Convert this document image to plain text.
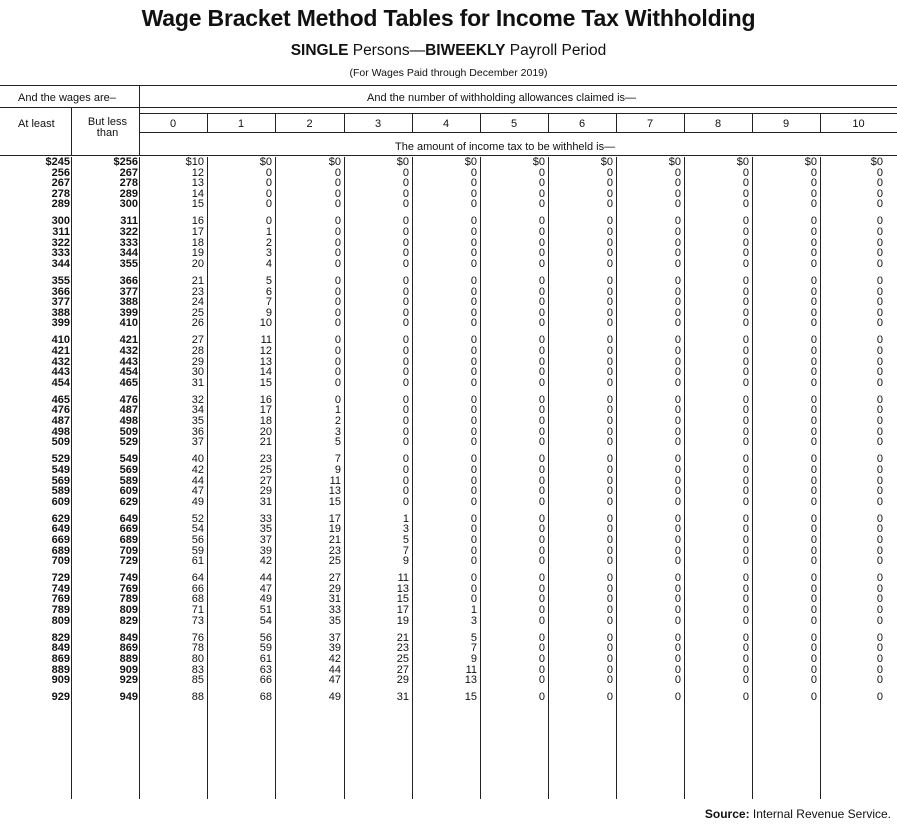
Wage Bracket Method Tables for Income Tax Withholding
SINGLE Persons—BIWEEKLY Payroll Period
(For Wages Paid through December 2019)
And the wages are–	And the number of withholding allowances claimed is—
At least	But less than
The amount of income tax to be withheld is—
0	1	2	3	4	5	6	7	8	9	10
$245	$256	$10	$0	$0	$0	$0	$0	$0	$0	$0	$0	$0
256	267	12	0	0	0	0	0	0	0	0	0	0
267	278	13	0	0	0	0	0	0	0	0	0	0
278	289	14	0	0	0	0	0	0	0	0	0	0
289	300	15	0	0	0	0	0	0	0	0	0	0
300	311	16	0	0	0	0	0	0	0	0	0	0
311	322	17	1	0	0	0	0	0	0	0	0	0
322	333	18	2	0	0	0	0	0	0	0	0	0
333	344	19	3	0	0	0	0	0	0	0	0	0
344	355	20	4	0	0	0	0	0	0	0	0	0
355	366	21	5	0	0	0	0	0	0	0	0	0
366	377	23	6	0	0	0	0	0	0	0	0	0
377	388	24	7	0	0	0	0	0	0	0	0	0
388	399	25	9	0	0	0	0	0	0	0	0	0
399	410	26	10	0	0	0	0	0	0	0	0	0
410	421	27	11	0	0	0	0	0	0	0	0	0
421	432	28	12	0	0	0	0	0	0	0	0	0
432	443	29	13	0	0	0	0	0	0	0	0	0
443	454	30	14	0	0	0	0	0	0	0	0	0
454	465	31	15	0	0	0	0	0	0	0	0	0
465	476	32	16	0	0	0	0	0	0	0	0	0
476	487	34	17	1	0	0	0	0	0	0	0	0
487	498	35	18	2	0	0	0	0	0	0	0	0
498	509	36	20	3	0	0	0	0	0	0	0	0
509	529	37	21	5	0	0	0	0	0	0	0	0
529	549	40	23	7	0	0	0	0	0	0	0	0
549	569	42	25	9	0	0	0	0	0	0	0	0
569	589	44	27	11	0	0	0	0	0	0	0	0
589	609	47	29	13	0	0	0	0	0	0	0	0
609	629	49	31	15	0	0	0	0	0	0	0	0
629	649	52	33	17	1	0	0	0	0	0	0	0
649	669	54	35	19	3	0	0	0	0	0	0	0
669	689	56	37	21	5	0	0	0	0	0	0	0
689	709	59	39	23	7	0	0	0	0	0	0	0
709	729	61	42	25	9	0	0	0	0	0	0	0
729	749	64	44	27	11	0	0	0	0	0	0	0
749	769	66	47	29	13	0	0	0	0	0	0	0
769	789	68	49	31	15	0	0	0	0	0	0	0
789	809	71	51	33	17	1	0	0	0	0	0	0
809	829	73	54	35	19	3	0	0	0	0	0	0
829	849	76	56	37	21	5	0	0	0	0	0	0
849	869	78	59	39	23	7	0	0	0	0	0	0
869	889	80	61	42	25	9	0	0	0	0	0	0
889	909	83	63	44	27	11	0	0	0	0	0	0
909	929	85	66	47	29	13	0	0	0	0	0	0
929	949	88	68	49	31	15	0	0	0	0	0	0
Source: Internal Revenue Service.
